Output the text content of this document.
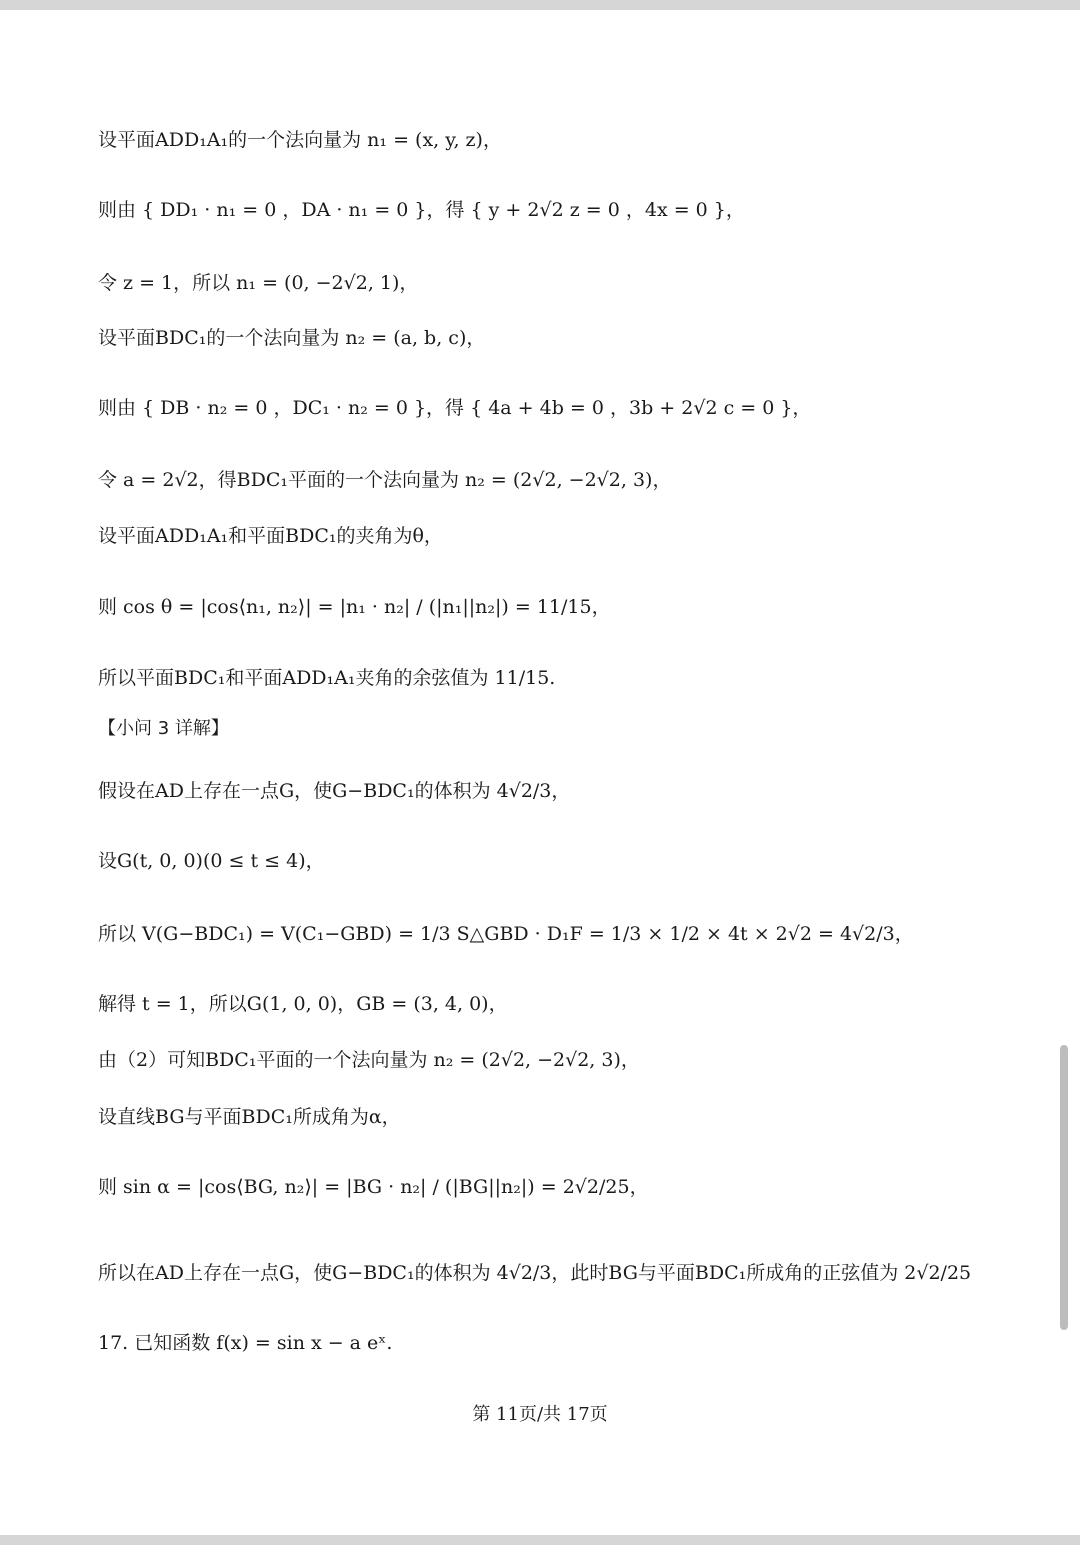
设平面ADD₁A₁的一个法向量为 n₁ = (x, y, z)，

则由 { DD₁ · n₁ = 0 ，DA · n₁ = 0 }，得 { y + 2√2 z = 0 ，4x = 0 }，

令 z = 1，所以 n₁ = (0, −2√2, 1)，

设平面BDC₁的一个法向量为 n₂ = (a, b, c)，

则由 { DB · n₂ = 0 ，DC₁ · n₂ = 0 }，得 { 4a + 4b = 0 ，3b + 2√2 c = 0 }，

令 a = 2√2，得BDC₁平面的一个法向量为 n₂ = (2√2, −2√2, 3)，

设平面ADD₁A₁和平面BDC₁的夹角为θ，

则 cos θ = |cos⟨n₁, n₂⟩| = |n₁ · n₂| / (|n₁||n₂|) = 11/15，

所以平面BDC₁和平面ADD₁A₁夹角的余弦值为 11/15.

【小问 3 详解】

假设在AD上存在一点G，使G−BDC₁的体积为 4√2/3，

设G(t, 0, 0)(0 ≤ t ≤ 4)，

所以 V(G−BDC₁) = V(C₁−GBD) = 1/3 S△GBD · D₁F = 1/3 × 1/2 × 4t × 2√2 = 4√2/3，

解得 t = 1，所以G(1, 0, 0)，GB = (3, 4, 0)，

由（2）可知BDC₁平面的一个法向量为 n₂ = (2√2, −2√2, 3)，

设直线BG与平面BDC₁所成角为α，

则 sin α = |cos⟨BG, n₂⟩| = |BG · n₂| / (|BG||n₂|) = 2√2/25，

所以在AD上存在一点G，使G−BDC₁的体积为 4√2/3，此时BG与平面BDC₁所成角的正弦值为 2√2/25

17. 已知函数 f(x) = sin x − a eˣ.

第 11页/共 17页
